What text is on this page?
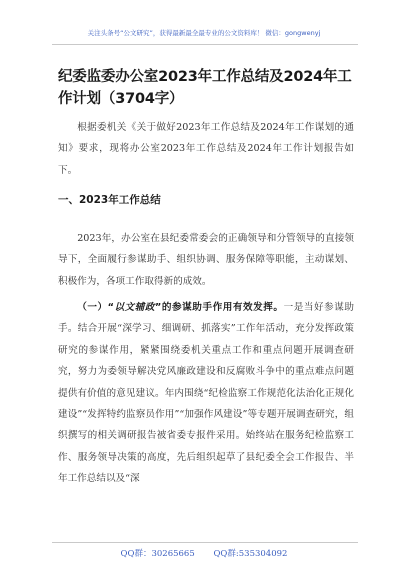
关注头条号“公文研究”，获得最新最全最专业的公文资料库！ 微信：gongwenyj
纪委监委办公室2023年工作总结及2024年工作计划（3704字）

根据委机关《关于做好2023年工作总结及2024年工作谋划的通知》要求，现将办公室2023年工作总结及2024年工作计划报告如下。

一、2023年工作总结

2023年，办公室在县纪委常委会的正确领导和分管领导的直接领导下，全面履行参谋助手、组织协调、服务保障等职能，主动谋划、积极作为，各项工作取得新的成效。

（一）“以文辅政”的参谋助手作用有效发挥。一是当好参谋助手。结合开展“深学习、细调研、抓落实”工作年活动，充分发挥政策研究的参谋作用，紧紧围绕委机关重点工作和重点问题开展调查研究，努力为委领导解决党风廉政建设和反腐败斗争中的重点难点问题提供有价值的意见建议。年内围绕“纪检监察工作规范化法治化正规化建设”“发挥特约监察员作用”“加强作风建设”等专题开展调查研究，组织撰写的相关调研报告被省委专报件采用。始终站在服务纪检监察工作、服务领导决策的高度，先后组织起草了县纪委全会工作报告、半年工作总结以及“深

QQ群：30265665 QQ群:535304092
